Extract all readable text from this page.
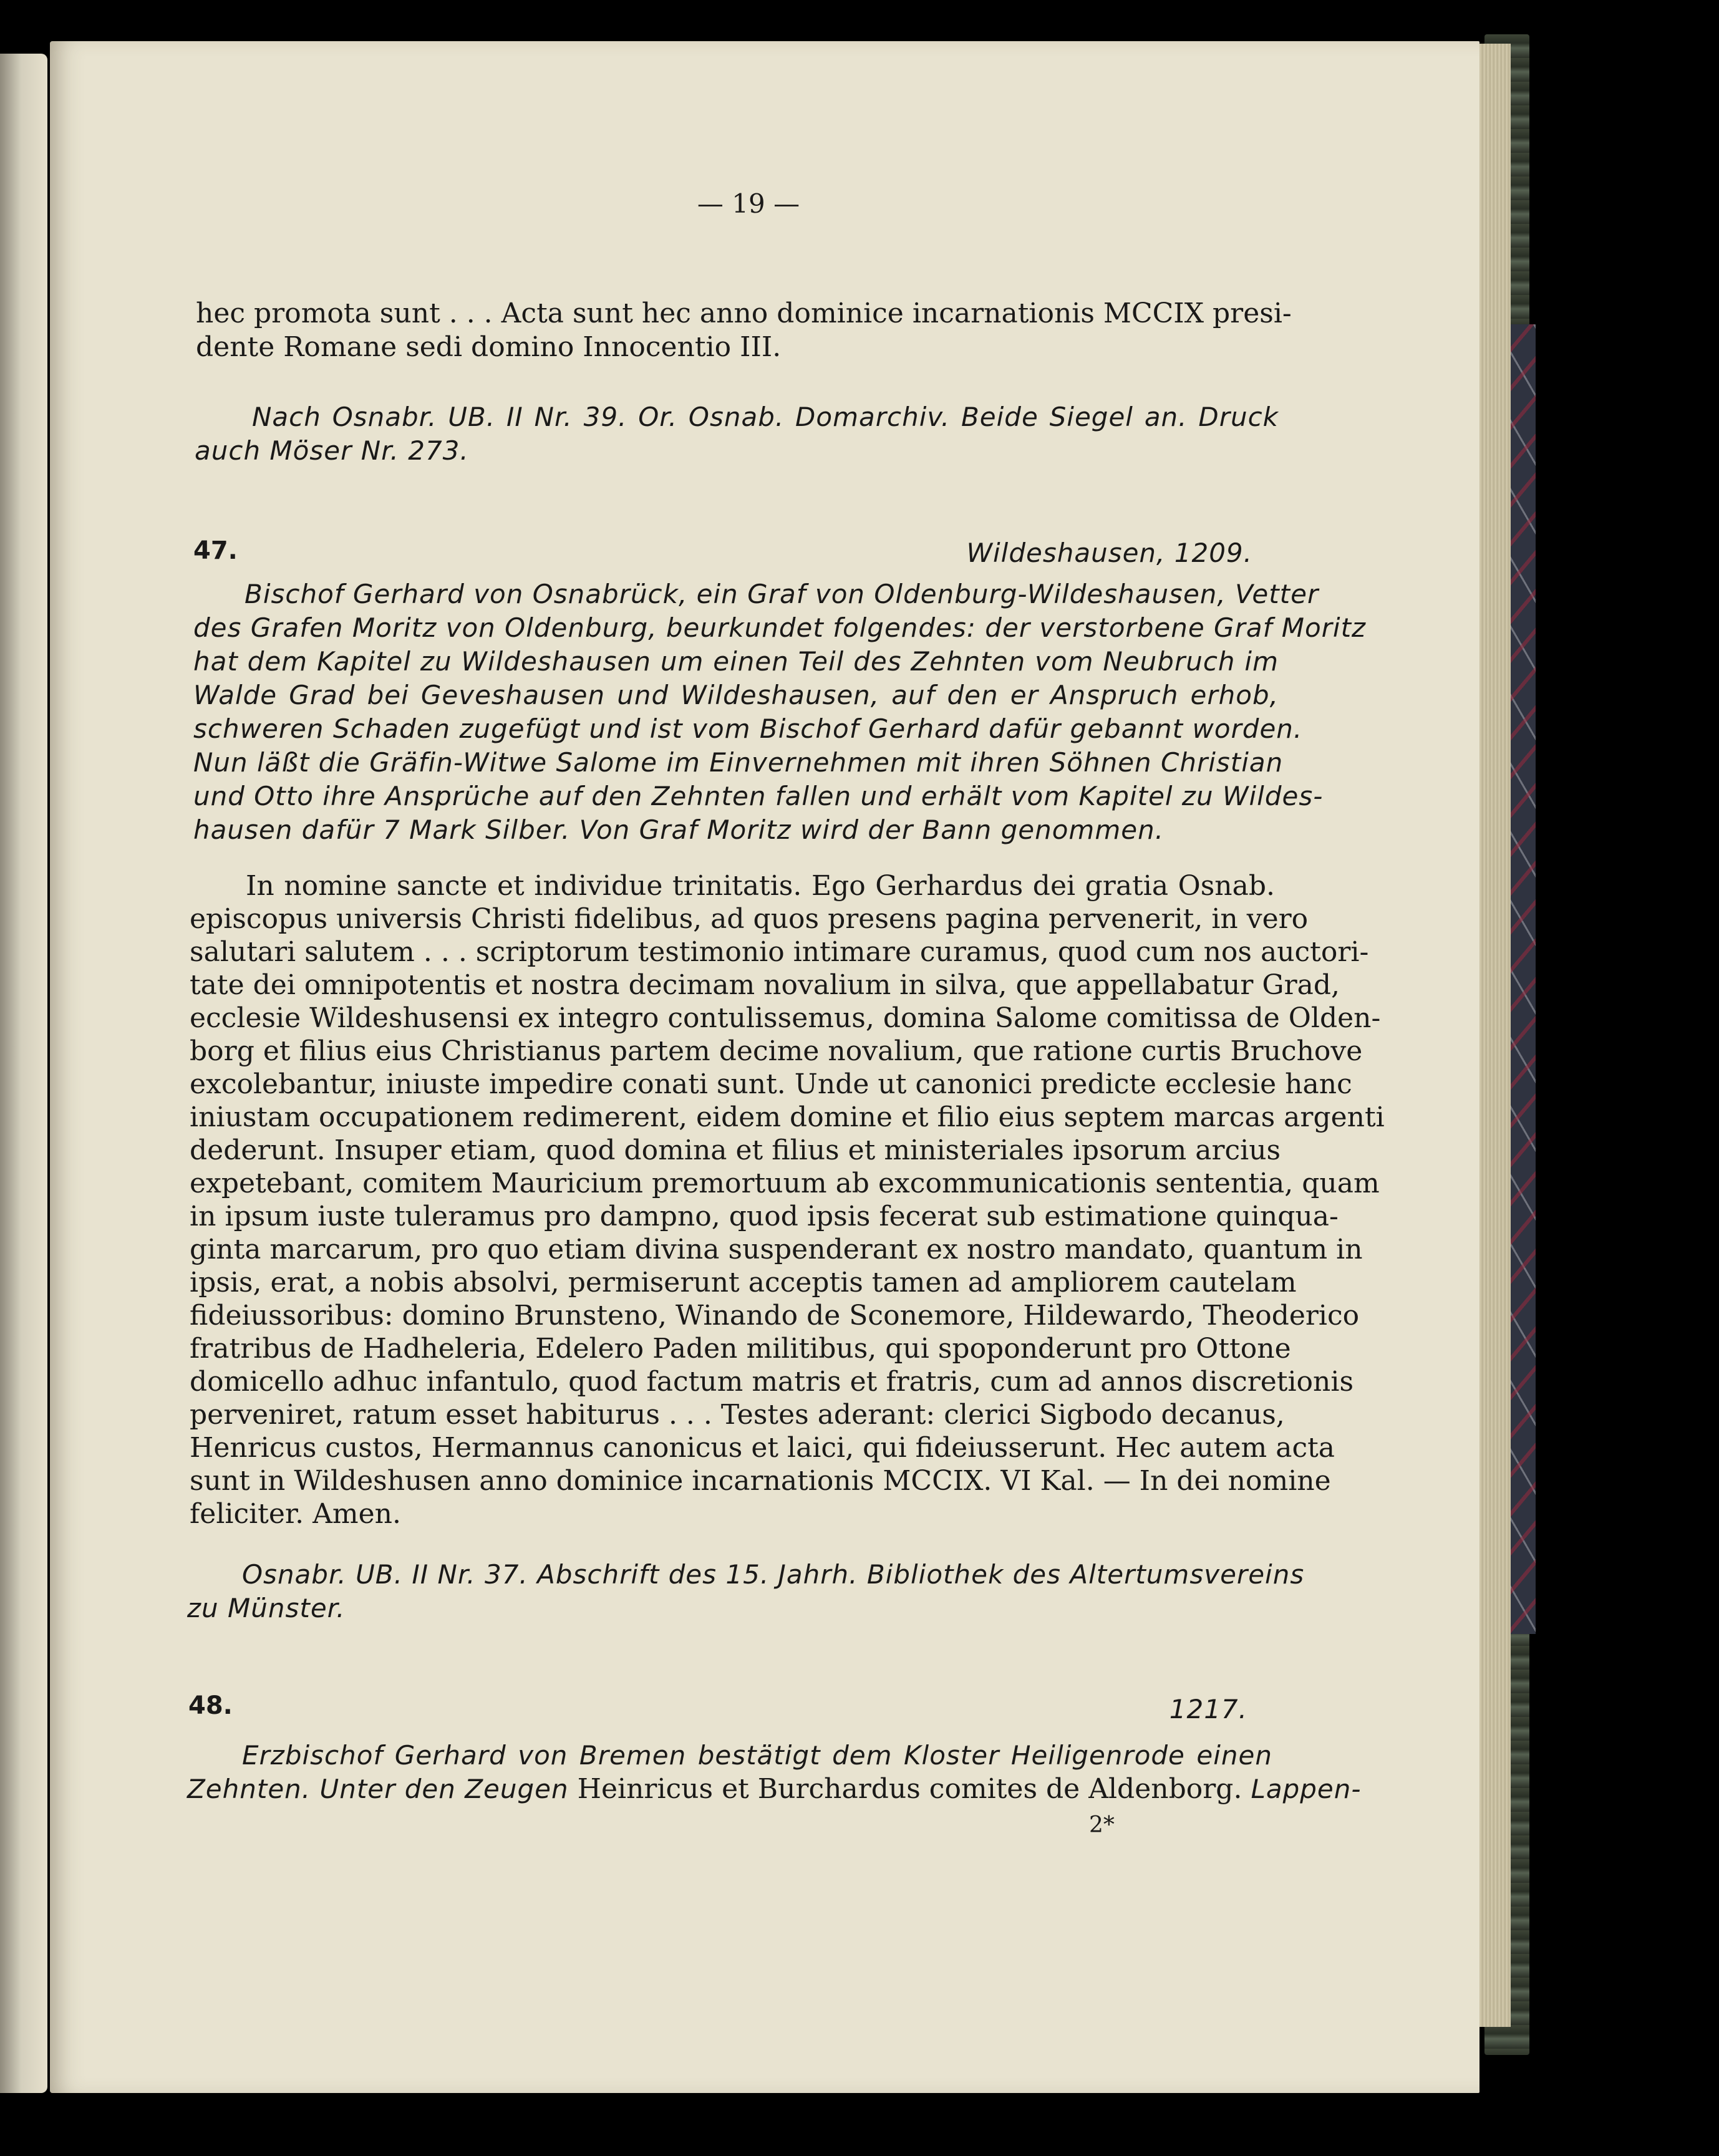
— 19 —

hec promota sunt . . . Acta sunt hec anno dominice incarnationis MCCIX presi-

dente Romane sedi domino Innocentio III.

Nach Osnabr. UB. II Nr. 39. Or. Osnab. Domarchiv. Beide Siegel an. Druck

auch Möser Nr. 273.

47.	Wildeshausen, 1209.

Bischof Gerhard von Osnabrück, ein Graf von Oldenburg-Wildeshausen, Vetter

des Grafen Moritz von Oldenburg, beurkundet folgendes: der verstorbene Graf Moritz

hat dem Kapitel zu Wildeshausen um einen Teil des Zehnten vom Neubruch im

Walde Grad bei Geveshausen und Wildeshausen, auf den er Anspruch erhob,

schweren Schaden zugefügt und ist vom Bischof Gerhard dafür gebannt worden.

Nun läßt die Gräfin-Witwe Salome im Einvernehmen mit ihren Söhnen Christian

und Otto ihre Ansprüche auf den Zehnten fallen und erhält vom Kapitel zu Wildes-

hausen dafür 7 Mark Silber. Von Graf Moritz wird der Bann genommen.

In nomine sancte et individue trinitatis. Ego Gerhardus dei gratia Osnab.

episcopus universis Christi fidelibus, ad quos presens pagina pervenerit, in vero

salutari salutem . . . scriptorum testimonio intimare curamus, quod cum nos auctori-

tate dei omnipotentis et nostra decimam novalium in silva, que appellabatur Grad,

ecclesie Wildeshusensi ex integro contulissemus, domina Salome comitissa de Olden-

borg et filius eius Christianus partem decime novalium, que ratione curtis Bruchove

excolebantur, iniuste impedire conati sunt. Unde ut canonici predicte ecclesie hanc

iniustam occupationem redimerent, eidem domine et filio eius septem marcas argenti

dederunt. Insuper etiam, quod domina et filius et ministeriales ipsorum arcius

expetebant, comitem Mauricium premortuum ab excommunicationis sententia, quam

in ipsum iuste tuleramus pro dampno, quod ipsis fecerat sub estimatione quinqua-

ginta marcarum, pro quo etiam divina suspenderant ex nostro mandato, quantum in

ipsis, erat, a nobis absolvi, permiserunt acceptis tamen ad ampliorem cautelam

fideiussoribus: domino Brunsteno, Winando de Sconemore, Hildewardo, Theoderico

fratribus de Hadheleria, Edelero Paden militibus, qui spoponderunt pro Ottone

domicello adhuc infantulo, quod factum matris et fratris, cum ad annos discretionis

perveniret, ratum esset habiturus . . . Testes aderant: clerici Sigbodo decanus,

Henricus custos, Hermannus canonicus et laici, qui fideiusserunt. Hec autem acta

sunt in Wildeshusen anno dominice incarnationis MCCIX. VI Kal. — In dei nomine

feliciter. Amen.

Osnabr. UB. II Nr. 37. Abschrift des 15. Jahrh. Bibliothek des Altertumsvereins

zu Münster.

48.	1217.

Erzbischof Gerhard von Bremen bestätigt dem Kloster Heiligenrode einen

Zehnten. Unter den Zeugen Heinricus et Burchardus comites de Aldenborg. Lappen-

2*
